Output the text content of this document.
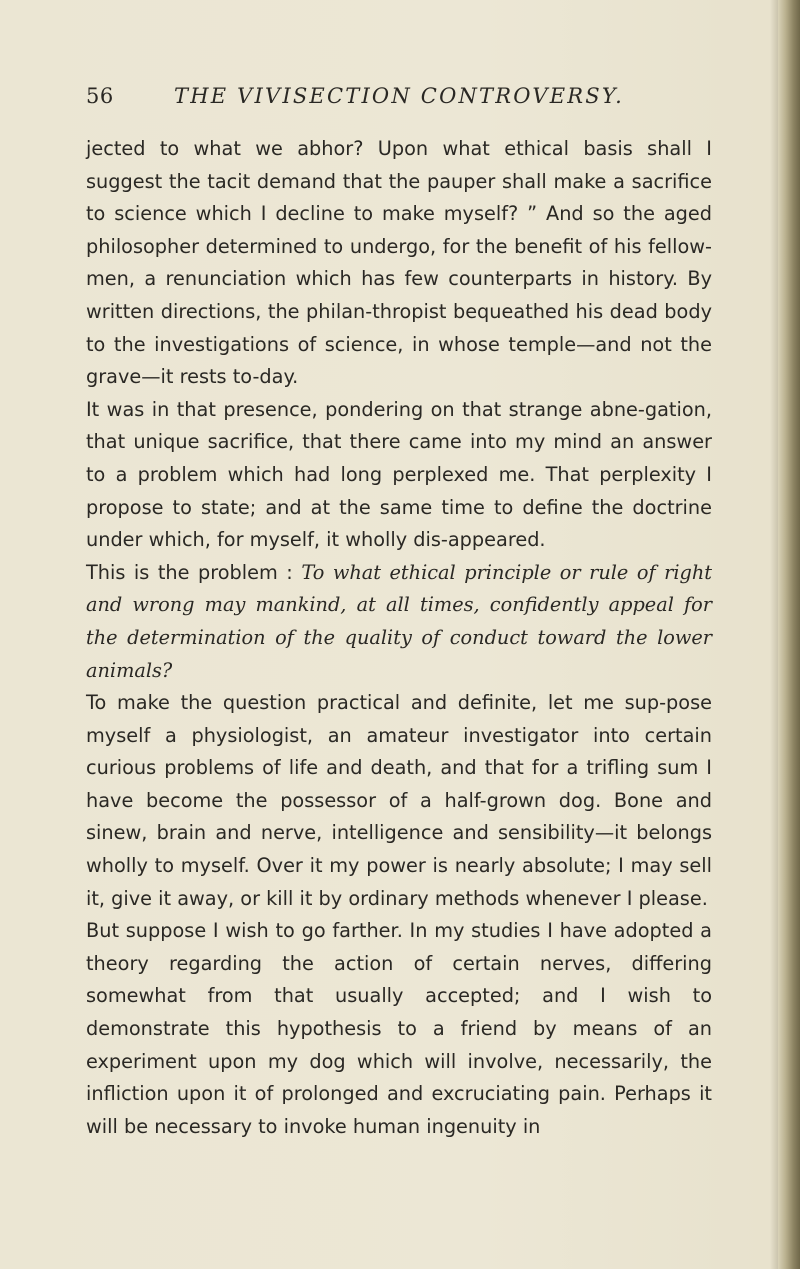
56	THE VIVISECTION CONTROVERSY.

jected to what we abhor? Upon what ethical basis shall I suggest the tacit demand that the pauper shall make a sacrifice to science which I decline to make myself? ” And so the aged philosopher determined to undergo, for the benefit of his fellow-men, a renunciation which has few counterparts in history. By written directions, the philan-thropist bequeathed his dead body to the investigations of science, in whose temple—and not the grave—it rests to-day.

It was in that presence, pondering on that strange abne-gation, that unique sacrifice, that there came into my mind an answer to a problem which had long perplexed me. That perplexity I propose to state; and at the same time to define the doctrine under which, for myself, it wholly dis-appeared.

This is the problem : To what ethical principle or rule of right and wrong may mankind, at all times, confidently appeal for the determination of the quality of conduct toward the lower animals?

To make the question practical and definite, let me sup-pose myself a physiologist, an amateur investigator into certain curious problems of life and death, and that for a trifling sum I have become the possessor of a half-grown dog. Bone and sinew, brain and nerve, intelligence and sensibility—it belongs wholly to myself. Over it my power is nearly absolute; I may sell it, give it away, or kill it by ordinary methods whenever I please.

But suppose I wish to go farther. In my studies I have adopted a theory regarding the action of certain nerves, differing somewhat from that usually accepted; and I wish to demonstrate this hypothesis to a friend by means of an experiment upon my dog which will involve, necessarily, the infliction upon it of prolonged and excruciating pain. Perhaps it will be necessary to invoke human ingenuity in
